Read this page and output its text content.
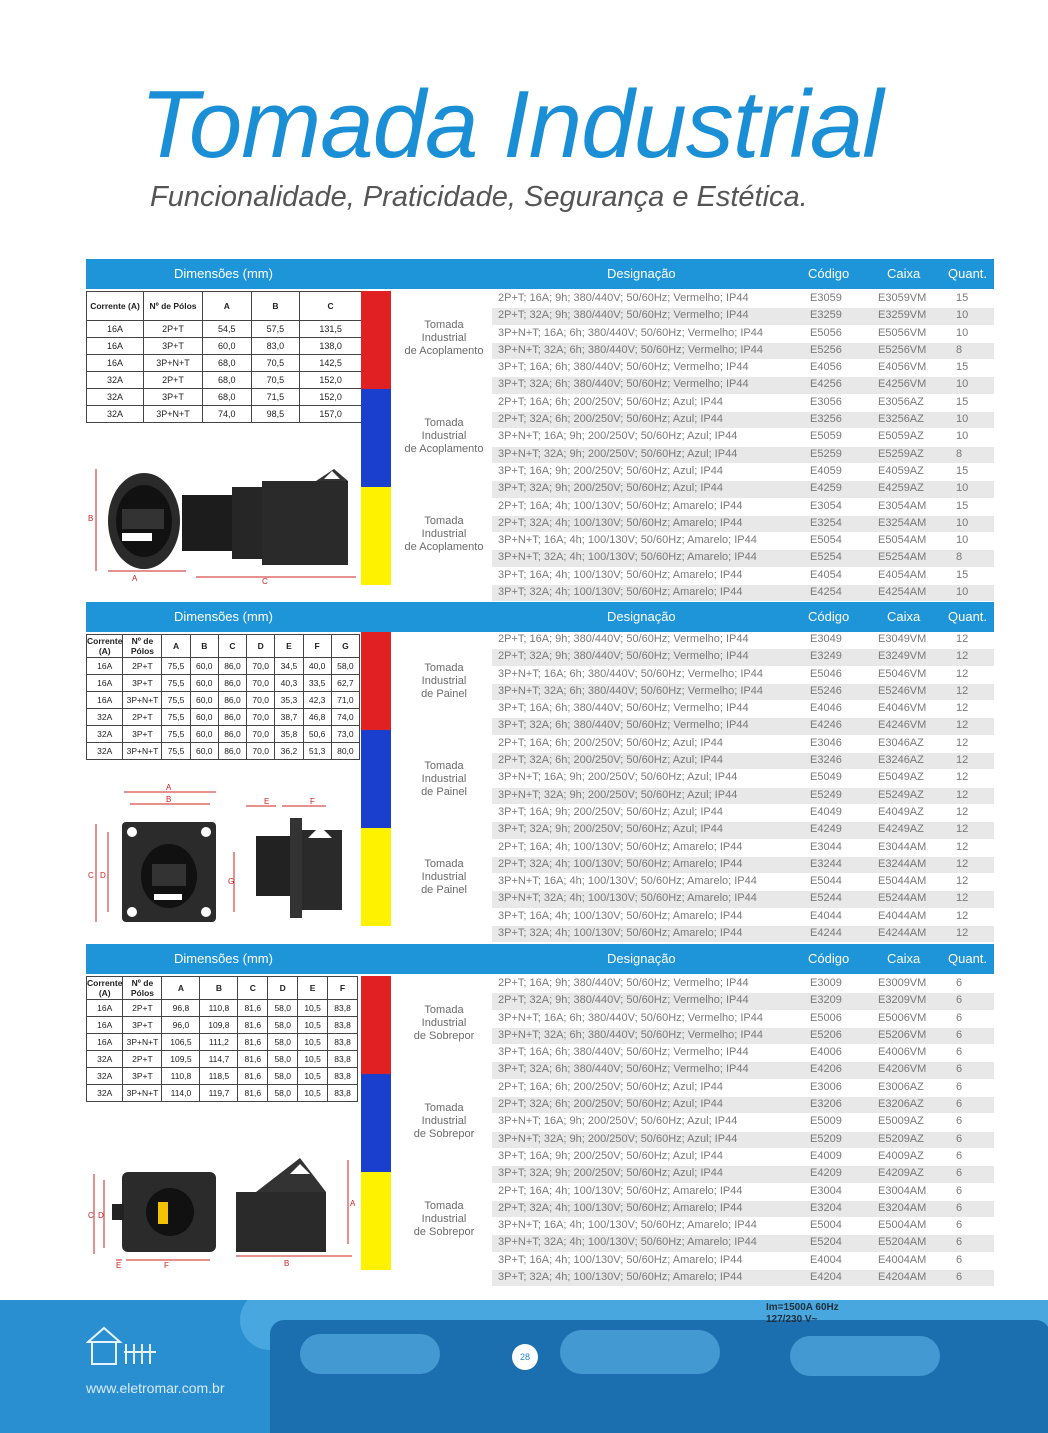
Tomada Industrial
Funcionalidade, Praticidade, Segurança e Estética.
Dimensões (mm)	Designação	Código	Caixa Quant.
Corrente (A)	Nº de Pólos	A	B	C
16A	2P+T	54,5	57,5	131,5
16A	3P+T	60,0	83,0	138,0
16A	3P+N+T	68,0	70,5	142,5
32A	2P+T	68,0	70,5	152,0
32A	3P+T	68,0	71,5	152,0
32A	3P+N+T	74,0	98,5	157,0
B
A	C
Tomada
Industrial
de Acoplamento
Tomada
Industrial
de Acoplamento
Tomada
Industrial
de Acoplamento
2P+T; 16A; 9h; 380/440V; 50/60Hz; Vermelho; IP44	E3059	E3059VM	15
2P+T; 32A; 9h; 380/440V; 50/60Hz; Vermelho; IP44	E3259	E3259VM	10
3P+N+T; 16A; 6h; 380/440V; 50/60Hz; Vermelho; IP44	E5056	E5056VM	10
3P+N+T; 32A; 6h; 380/440V; 50/60Hz; Vermelho; IP44	E5256	E5256VM	8
3P+T; 16A; 6h; 380/440V; 50/60Hz; Vermelho; IP44	E4056	E4056VM	15
3P+T; 32A; 6h; 380/440V; 50/60Hz; Vermelho; IP44	E4256	E4256VM	10
2P+T; 16A; 6h; 200/250V; 50/60Hz; Azul; IP44	E3056	E3056AZ	15
2P+T; 32A; 6h; 200/250V; 50/60Hz; Azul; IP44	E3256	E3256AZ	10
3P+N+T; 16A; 9h; 200/250V; 50/60Hz; Azul; IP44	E5059	E5059AZ	10
3P+N+T; 32A; 9h; 200/250V; 50/60Hz; Azul; IP44	E5259	E5259AZ	8
3P+T; 16A; 9h; 200/250V; 50/60Hz; Azul; IP44	E4059	E4059AZ	15
3P+T; 32A; 9h; 200/250V; 50/60Hz; Azul; IP44	E4259	E4259AZ	10
2P+T; 16A; 4h; 100/130V; 50/60Hz; Amarelo; IP44	E3054	E3054AM	15
2P+T; 32A; 4h; 100/130V; 50/60Hz; Amarelo; IP44	E3254	E3254AM	10
3P+N+T; 16A; 4h; 100/130V; 50/60Hz; Amarelo; IP44	E5054	E5054AM	10
3P+N+T; 32A; 4h; 100/130V; 50/60Hz; Amarelo; IP44	E5254	E5254AM	8
3P+T; 16A; 4h; 100/130V; 50/60Hz; Amarelo; IP44	E4054	E4054AM	15
3P+T; 32A; 4h; 100/130V; 50/60Hz; Amarelo; IP44	E4254	E4254AM	10
Dimensões (mm)	Designação	Código	Caixa Quant.
Corrente (A)	Nº de Pólos	A	B	C	D	E	F	G
16A	2P+T	75,5	60,0	86,0	70,0	34,5	40,0	58,0
16A	3P+T	75,5	60,0	86,0	70,0	40,3	33,5	62,7
16A	3P+N+T	75,5	60,0	86,0	70,0	35,3	42,3	71,0
32A	2P+T	75,5	60,0	86,0	70,0	38,7	46,8	74,0
32A	3P+T	75,5	60,0	86,0	70,0	35,8	50,6	73,0
32A	3P+N+T	75,5	60,0	86,0	70,0	36,2	51,3	80,0
A
B	E	F
C D
G
Tomada
Industrial
de Painel
Tomada
Industrial
de Painel
Tomada
Industrial
de Painel
2P+T; 16A; 9h; 380/440V; 50/60Hz; Vermelho; IP44	E3049	E3049VM	12
2P+T; 32A; 9h; 380/440V; 50/60Hz; Vermelho; IP44	E3249	E3249VM	12
3P+N+T; 16A; 6h; 380/440V; 50/60Hz; Vermelho; IP44	E5046	E5046VM	12
3P+N+T; 32A; 6h; 380/440V; 50/60Hz; Vermelho; IP44	E5246	E5246VM	12
3P+T; 16A; 6h; 380/440V; 50/60Hz; Vermelho; IP44	E4046	E4046VM	12
3P+T; 32A; 6h; 380/440V; 50/60Hz; Vermelho; IP44	E4246	E4246VM	12
2P+T; 16A; 6h; 200/250V; 50/60Hz; Azul; IP44	E3046	E3046AZ	12
2P+T; 32A; 6h; 200/250V; 50/60Hz; Azul; IP44	E3246	E3246AZ	12
3P+N+T; 16A; 9h; 200/250V; 50/60Hz; Azul; IP44	E5049	E5049AZ	12
3P+N+T; 32A; 9h; 200/250V; 50/60Hz; Azul; IP44	E5249	E5249AZ	12
3P+T; 16A; 9h; 200/250V; 50/60Hz; Azul; IP44	E4049	E4049AZ	12
3P+T; 32A; 9h; 200/250V; 50/60Hz; Azul; IP44	E4249	E4249AZ	12
2P+T; 16A; 4h; 100/130V; 50/60Hz; Amarelo; IP44	E3044	E3044AM	12
2P+T; 32A; 4h; 100/130V; 50/60Hz; Amarelo; IP44	E3244	E3244AM	12
3P+N+T; 16A; 4h; 100/130V; 50/60Hz; Amarelo; IP44	E5044	E5044AM	12
3P+N+T; 32A; 4h; 100/130V; 50/60Hz; Amarelo; IP44	E5244	E5244AM	12
3P+T; 16A; 4h; 100/130V; 50/60Hz; Amarelo; IP44	E4044	E4044AM	12
3P+T; 32A; 4h; 100/130V; 50/60Hz; Amarelo; IP44	E4244	E4244AM	12
Dimensões (mm)	Designação	Código	Caixa Quant.
Corrente (A)	Nº de Pólos	A	B	C	D	E	F
16A	2P+T	96,8	110,8	81,6	58,0	10,5	83,8
16A	3P+T	96,0	109,8	81,6	58,0	10,5	83,8
16A	3P+N+T	106,5	111,2	81,6	58,0	10,5	83,8
32A	2P+T	109,5	114,7	81,6	58,0	10,5	83,8
32A	3P+T	110,8	118,5	81,6	58,0	10,5	83,8
32A	3P+N+T	114,0	119,7	81,6	58,0	10,5	83,8
C D
E	F	B
A
Tomada
Industrial
de Sobrepor
Tomada
Industrial
de Sobrepor
Tomada
Industrial
de Sobrepor
2P+T; 16A; 9h; 380/440V; 50/60Hz; Vermelho; IP44	E3009	E3009VM	6
2P+T; 32A; 9h; 380/440V; 50/60Hz; Vermelho; IP44	E3209	E3209VM	6
3P+N+T; 16A; 6h; 380/440V; 50/60Hz; Vermelho; IP44	E5006	E5006VM	6
3P+N+T; 32A; 6h; 380/440V; 50/60Hz; Vermelho; IP44	E5206	E5206VM	6
3P+T; 16A; 6h; 380/440V; 50/60Hz; Vermelho; IP44	E4006	E4006VM	6
3P+T; 32A; 6h; 380/440V; 50/60Hz; Vermelho; IP44	E4206	E4206VM	6
2P+T; 16A; 6h; 200/250V; 50/60Hz; Azul; IP44	E3006	E3006AZ	6
2P+T; 32A; 6h; 200/250V; 50/60Hz; Azul; IP44	E3206	E3206AZ	6
3P+N+T; 16A; 9h; 200/250V; 50/60Hz; Azul; IP44	E5009	E5009AZ	6
3P+N+T; 32A; 9h; 200/250V; 50/60Hz; Azul; IP44	E5209	E5209AZ	6
3P+T; 16A; 9h; 200/250V; 50/60Hz; Azul; IP44	E4009	E4009AZ	6
3P+T; 32A; 9h; 200/250V; 50/60Hz; Azul; IP44	E4209	E4209AZ	6
2P+T; 16A; 4h; 100/130V; 50/60Hz; Amarelo; IP44	E3004	E3004AM	6
2P+T; 32A; 4h; 100/130V; 50/60Hz; Amarelo; IP44	E3204	E3204AM	6
3P+N+T; 16A; 4h; 100/130V; 50/60Hz; Amarelo; IP44	E5004	E5004AM	6
3P+N+T; 32A; 4h; 100/130V; 50/60Hz; Amarelo; IP44	E5204	E5204AM	6
3P+T; 16A; 4h; 100/130V; 50/60Hz; Amarelo; IP44	E4004	E4004AM	6
3P+T; 32A; 4h; 100/130V; 50/60Hz; Amarelo; IP44	E4204	E4204AM	6
Im=1500A 60Hz
127/230 V~
28
www.eletromar.com.br
